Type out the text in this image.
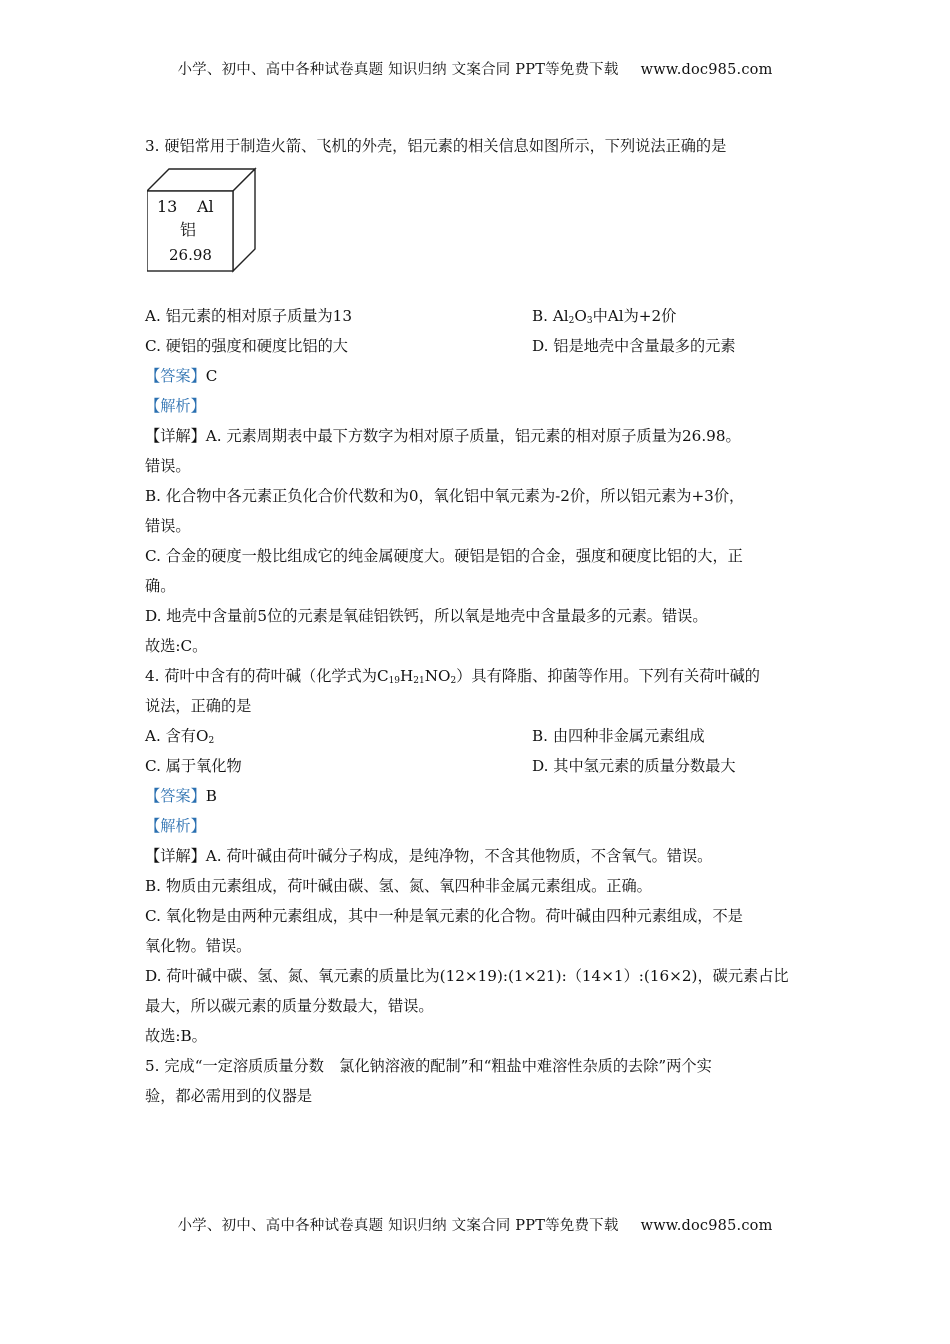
小学、初中、高中各种试卷真题 知识归纳 文案合同 PPT等免费下载 www.doc985.com

3. 硬铝常用于制造火箭、飞机的外壳，铝元素的相关信息如图所示，下列说法正确的是

13 Al
铝
26.98
A. 铝元素的相对原子质量为13	B. $Al_2O_3$中Al为+2价
C. 硬铝的强度和硬度比铝的大	D. 铝是地壳中含量最多的元素

【答案】C

【解析】

【详解】A. 元素周期表中最下方数字为相对原子质量，铝元素的相对原子质量为26.98。

错误。

B. 化合物中各元素正负化合价代数和为0，氧化铝中氧元素为-2价，所以铝元素为+3价，

错误。

C. 合金的硬度一般比组成它的纯金属硬度大。硬铝是铝的合金，强度和硬度比铝的大，正

确。

D. 地壳中含量前5位的元素是氧硅铝铁钙，所以氧是地壳中含量最多的元素。错误。

故选:C。

4. 荷叶中含有的荷叶碱（化学式为$C_{19}H_{21}NO_2$）具有降脂、抑菌等作用。下列有关荷叶碱的

说法，正确的是

A. 含有$O_2$	B. 由四种非金属元素组成
C. 属于氧化物	D. 其中氢元素的质量分数最大

【答案】B

【解析】

【详解】A. 荷叶碱由荷叶碱分子构成，是纯净物，不含其他物质，不含氧气。错误。

B. 物质由元素组成，荷叶碱由碳、氢、氮、氧四种非金属元素组成。正确。

C. 氧化物是由两种元素组成，其中一种是氧元素的化合物。荷叶碱由四种元素组成，不是

氧化物。错误。

D. 荷叶碱中碳、氢、氮、氧元素的质量比为(12×19):(1×21):（14×1）:(16×2)，碳元素占比

最大，所以碳元素的质量分数最大，错误。

故选:B。

5. 完成“一定溶质质量分数　氯化钠溶液的配制”和“粗盐中难溶性杂质的去除”两个实

验，都必需用到的仪器是

小学、初中、高中各种试卷真题 知识归纳 文案合同 PPT等免费下载 www.doc985.com
